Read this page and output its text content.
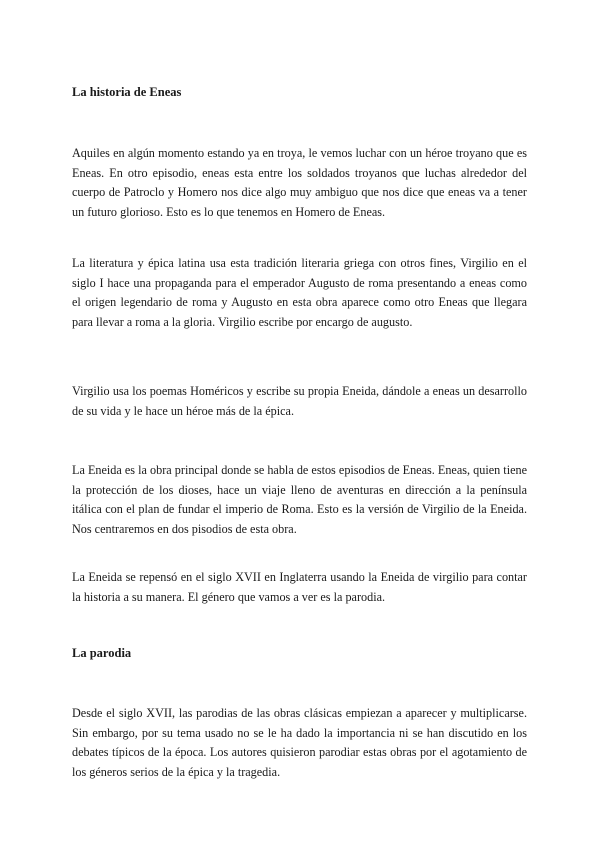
La historia de Eneas

Aquiles en algún momento estando ya en troya, le vemos luchar con un héroe troyano que es Eneas. En otro episodio, eneas esta entre los soldados troyanos que luchas alrededor del cuerpo de Patroclo y Homero nos dice algo muy ambiguo que nos dice que eneas va a tener un futuro glorioso. Esto es lo que tenemos en Homero de Eneas.

La literatura y épica latina usa esta tradición literaria griega con otros fines, Virgilio en el siglo I hace una propaganda para el emperador Augusto de roma presentando a eneas como el origen legendario de roma y Augusto en esta obra aparece como otro Eneas que llegara para llevar a roma a la gloria. Virgilio escribe por encargo de augusto.

Virgilio usa los poemas Homéricos y escribe su propia Eneida, dándole a eneas un desarrollo de su vida y le hace un héroe más de la épica.

La Eneida es la obra principal donde se habla de estos episodios de Eneas. Eneas, quien tiene la protección de los dioses, hace un viaje lleno de aventuras en dirección a la península itálica con el plan de fundar el imperio de Roma. Esto es la versión de Virgilio de la Eneida. Nos centraremos en dos pisodios de esta obra.

La Eneida se repensó en el siglo XVII en Inglaterra usando la Eneida de virgilio para contar la historia a su manera. El género que vamos a ver es la parodia.

La parodia

Desde el siglo XVII, las parodias de las obras clásicas empiezan a aparecer y multiplicarse. Sin embargo, por su tema usado no se le ha dado la importancia ni se han discutido en los debates típicos de la época. Los autores quisieron parodiar estas obras por el agotamiento de los géneros serios de la épica y la tragedia.
